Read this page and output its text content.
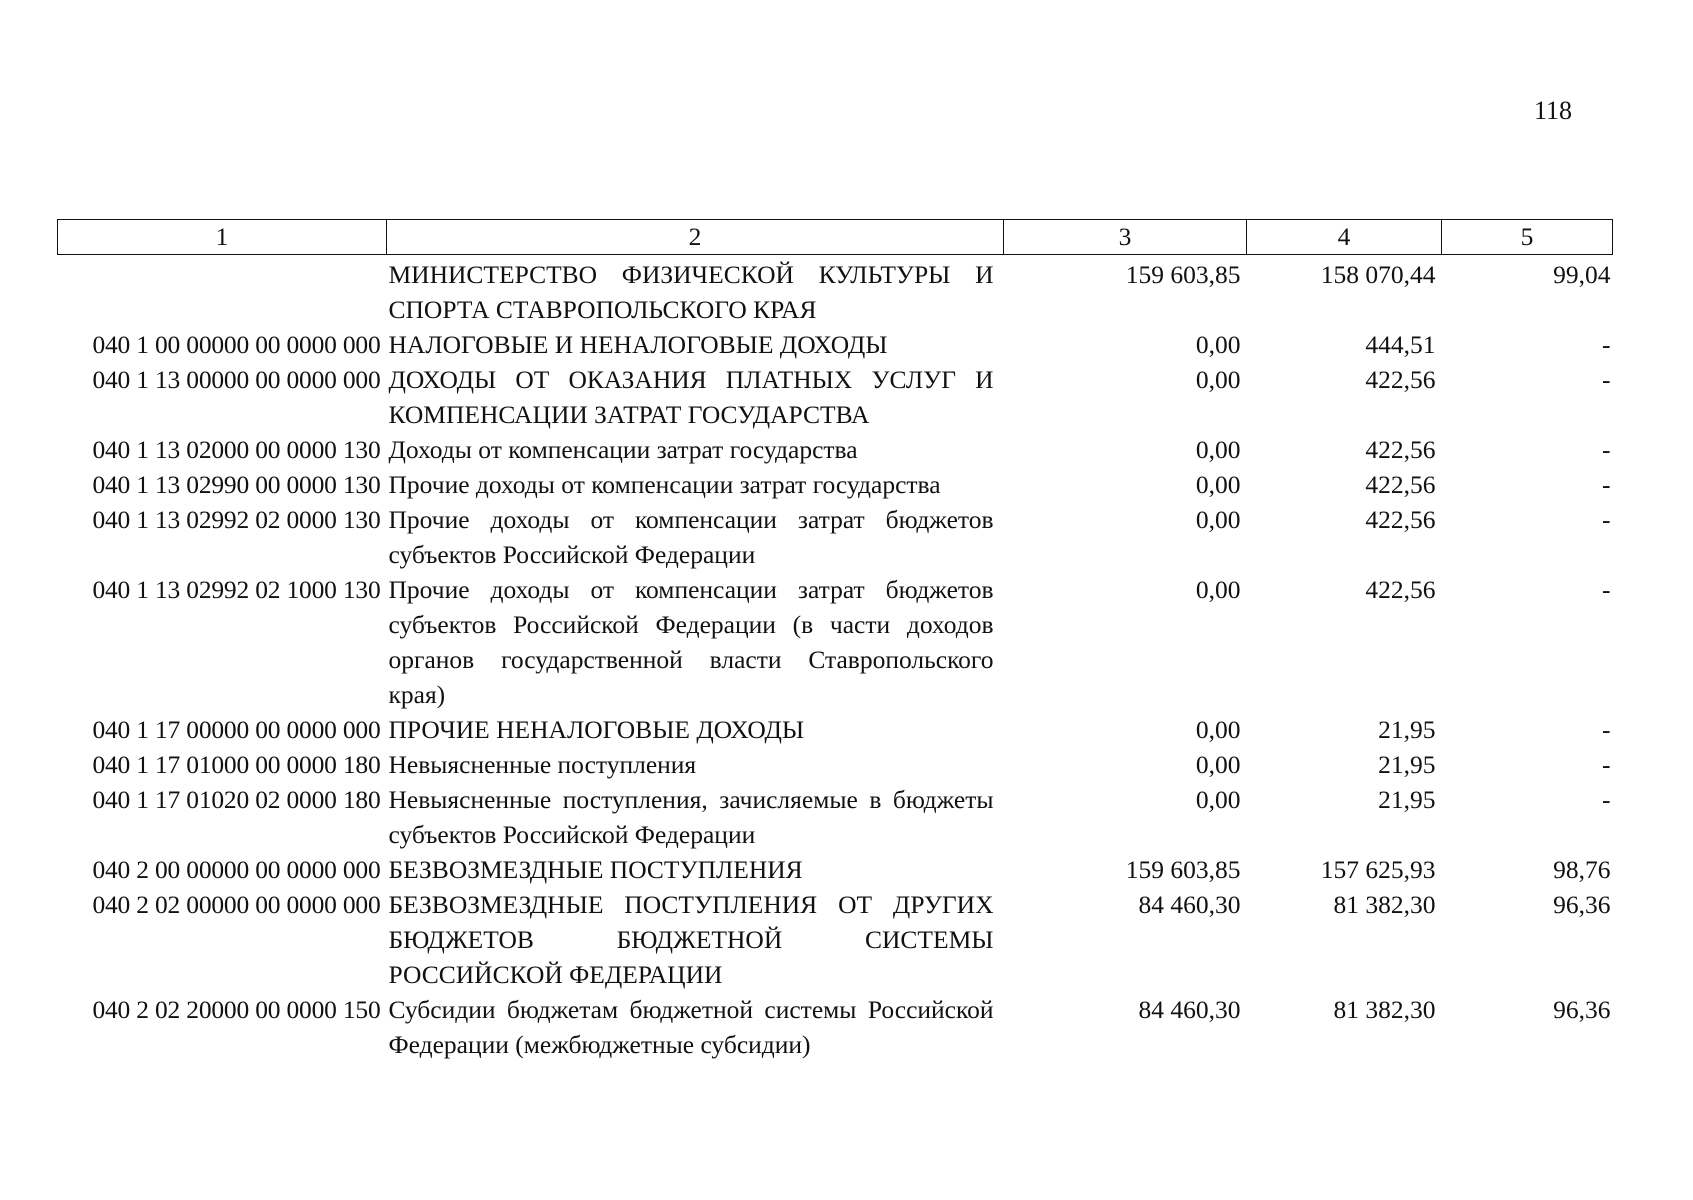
118
1	2	3	4	5
	МИНИСТЕРСТВО ФИЗИЧЕСКОЙ КУЛЬТУРЫ И СПОРТА СТАВРОПОЛЬСКОГО КРАЯ	159 603,85	158 070,44	99,04
040 1 00 00000 00 0000 000	НАЛОГОВЫЕ И НЕНАЛОГОВЫЕ ДОХОДЫ	0,00	444,51	-
040 1 13 00000 00 0000 000	ДОХОДЫ ОТ ОКАЗАНИЯ ПЛАТНЫХ УСЛУГ И КОМПЕНСАЦИИ ЗАТРАТ ГОСУДАРСТВА	0,00	422,56	-
040 1 13 02000 00 0000 130	Доходы от компенсации затрат государства	0,00	422,56	-
040 1 13 02990 00 0000 130	Прочие доходы от компенсации затрат государства	0,00	422,56	-
040 1 13 02992 02 0000 130	Прочие доходы от компенсации затрат бюджетов субъектов Российской Федерации	0,00	422,56	-
040 1 13 02992 02 1000 130	Прочие доходы от компенсации затрат бюджетов субъектов Российской Федерации (в части доходов органов государственной власти Ставропольского края)	0,00	422,56	-
040 1 17 00000 00 0000 000	ПРОЧИЕ НЕНАЛОГОВЫЕ ДОХОДЫ	0,00	21,95	-
040 1 17 01000 00 0000 180	Невыясненные поступления	0,00	21,95	-
040 1 17 01020 02 0000 180	Невыясненные поступления, зачисляемые в бюджеты субъектов Российской Федерации	0,00	21,95	-
040 2 00 00000 00 0000 000	БЕЗВОЗМЕЗДНЫЕ ПОСТУПЛЕНИЯ	159 603,85	157 625,93	98,76
040 2 02 00000 00 0000 000	БЕЗВОЗМЕЗДНЫЕ ПОСТУПЛЕНИЯ ОТ ДРУГИХ БЮДЖЕТОВ БЮДЖЕТНОЙ СИСТЕМЫ РОССИЙСКОЙ ФЕДЕРАЦИИ	84 460,30	81 382,30	96,36
040 2 02 20000 00 0000 150	Субсидии бюджетам бюджетной системы Российской Федерации (межбюджетные субсидии)	84 460,30	81 382,30	96,36
